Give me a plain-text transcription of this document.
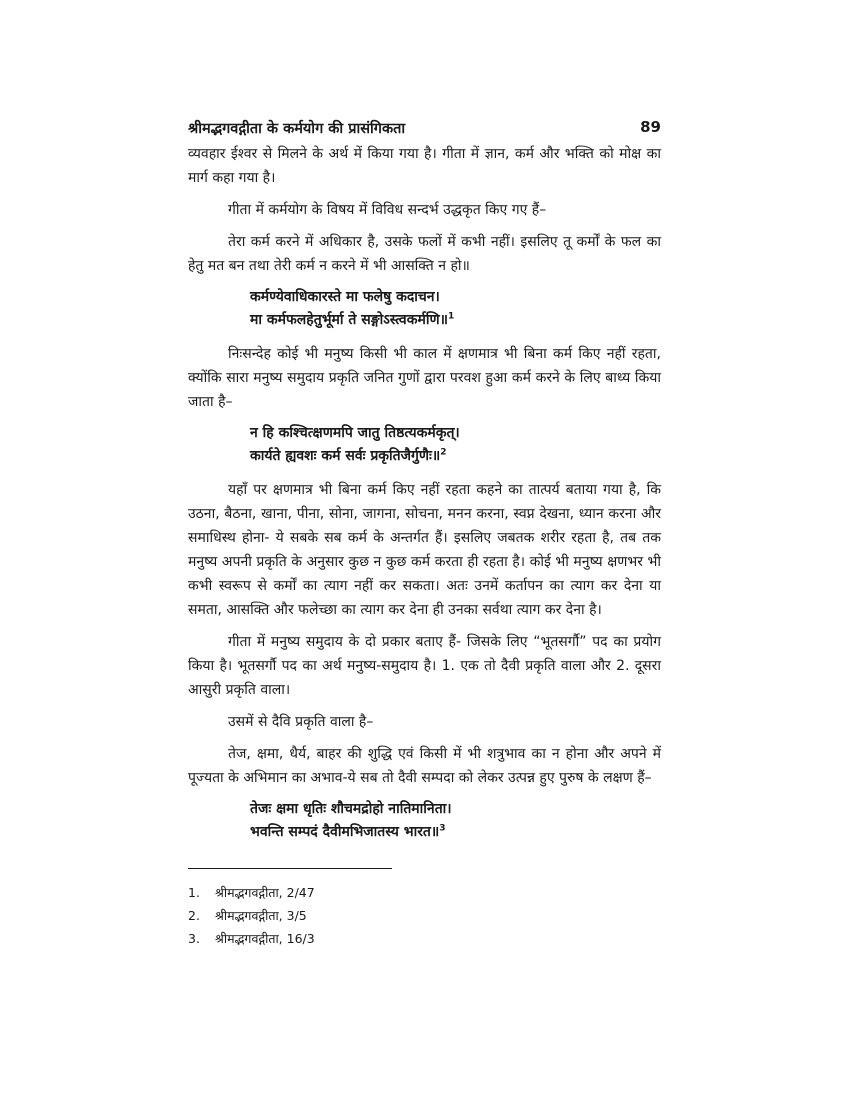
श्रीमद्भगवद्गीता के कर्मयोग की प्रासंगिकता	89

व्यवहार ईश्वर से मिलने के अर्थ में किया गया है। गीता में ज्ञान, कर्म और भक्ति को मोक्ष का मार्ग कहा गया है।

गीता में कर्मयोग के विषय में विविध सन्दर्भ उद्धकृत किए गए हैं–

तेरा कर्म करने में अधिकार है, उसके फलों में कभी नहीं। इसलिए तू कर्मों के फल का हेतु मत बन तथा तेरी कर्म न करने में भी आसक्ति न हो॥

कर्मण्येवाधिकारस्ते मा फलेषु कदाचन।
मा कर्मफलहेतुर्भूर्मा ते सङ्गोऽस्त्वकर्मणि॥$^1$

निःसन्देह कोई भी मनुष्य किसी भी काल में क्षणमात्र भी बिना कर्म किए नहीं रहता, क्योंकि सारा मनुष्य समुदाय प्रकृति जनित गुणों द्वारा परवश हुआ कर्म करने के लिए बाध्य किया जाता है–

न हि कश्चित्क्षणमपि जातु तिष्ठत्यकर्मकृत्।
कार्यते ह्यवशः कर्म सर्वः प्रकृतिजैर्गुणैः॥$^2$

यहाँ पर क्षणमात्र भी बिना कर्म किए नहीं रहता कहने का तात्पर्य बताया गया है, कि उठना, बैठना, खाना, पीना, सोना, जागना, सोचना, मनन करना, स्वप्न देखना, ध्यान करना और समाधिस्थ होना- ये सबके सब कर्म के अन्तर्गत हैं। इसलिए जबतक शरीर रहता है, तब तक मनुष्य अपनी प्रकृति के अनुसार कुछ न कुछ कर्म करता ही रहता है। कोई भी मनुष्य क्षणभर भी कभी स्वरूप से कर्मों का त्याग नहीं कर सकता। अतः उनमें कर्तापन का त्याग कर देना या समता, आसक्ति और फलेच्छा का त्याग कर देना ही उनका सर्वथा त्याग कर देना है।

गीता में मनुष्य समुदाय के दो प्रकार बताए हैं- जिसके लिए “भूतसर्गौ” पद का प्रयोग किया है। भूतसर्गौ पद का अर्थ मनुष्य-समुदाय है। 1. एक तो दैवी प्रकृति वाला और 2. दूसरा आसुरी प्रकृति वाला।

उसमें से दैवि प्रकृति वाला है–

तेज, क्षमा, धैर्य, बाहर की शुद्धि एवं किसी में भी शत्रुभाव का न होना और अपने में पूज्यता के अभिमान का अभाव-ये सब तो दैवी सम्पदा को लेकर उत्पन्न हुए पुरुष के लक्षण हैं–

तेजः क्षमा धृतिः शौचमद्रोहो नातिमानिता।
भवन्ति सम्पदं दैवीमभिजातस्य भारत॥$^3$
1. श्रीमद्भगवद्गीता, 2/47
2. श्रीमद्भगवद्गीता, 3/5
3. श्रीमद्भगवद्गीता, 16/3
